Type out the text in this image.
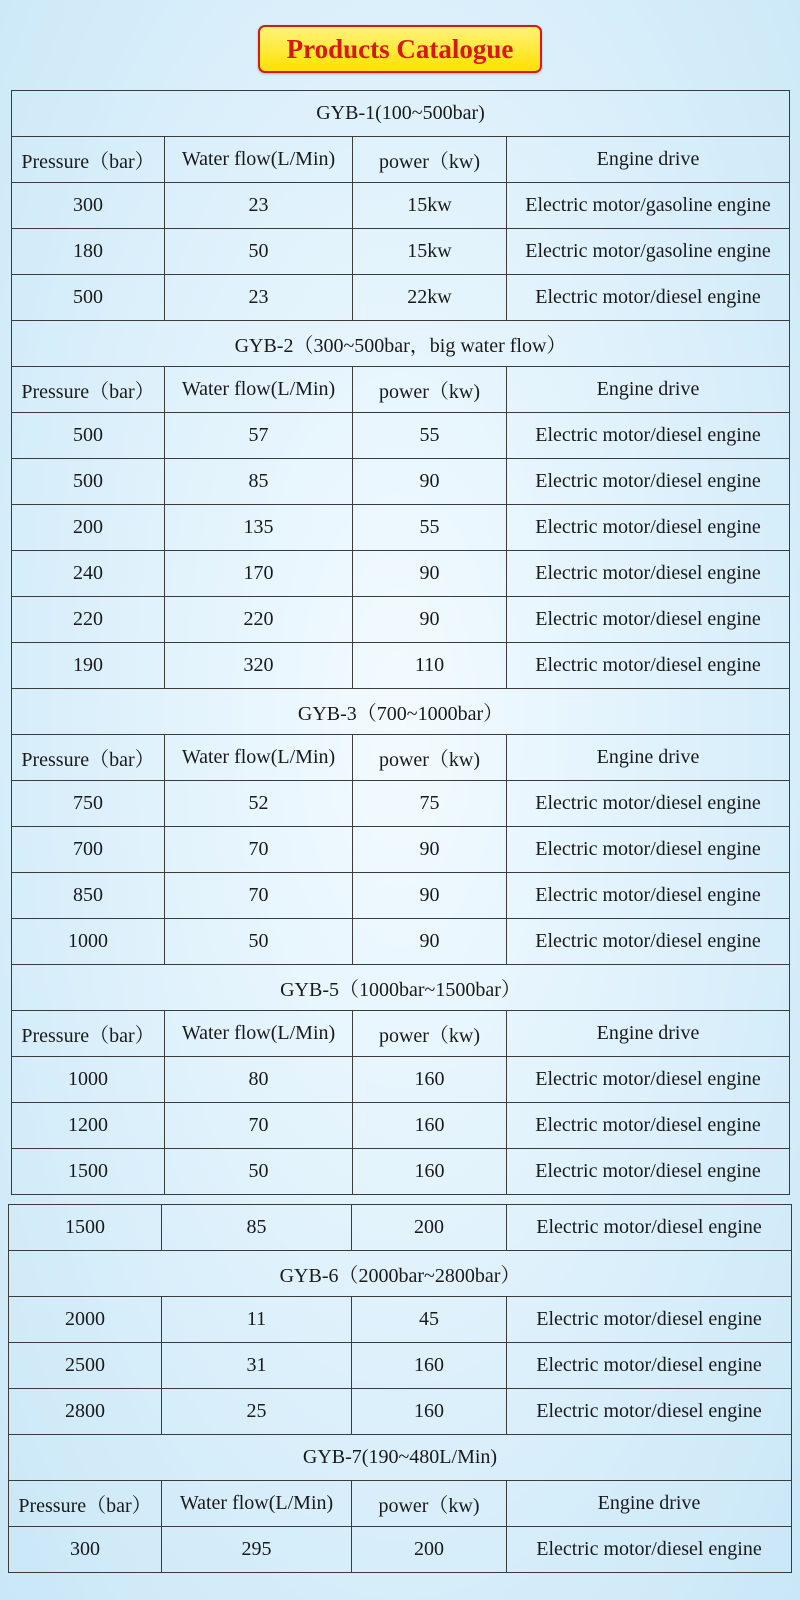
Products Catalogue
GYB-1(100~500bar)			
Pressure（bar）	Water flow(L/Min)	power（kw)	Engine drive
300	23	15kw	Electric motor/gasoline engine
180	50	15kw	Electric motor/gasoline engine
500	23	22kw	Electric motor/diesel engine
GYB-2（300~500bar，big water flow）			
Pressure（bar）	Water flow(L/Min)	power（kw)	Engine drive
500	57	55	Electric motor/diesel engine
500	85	90	Electric motor/diesel engine
200	135	55	Electric motor/diesel engine
240	170	90	Electric motor/diesel engine
220	220	90	Electric motor/diesel engine
190	320	110	Electric motor/diesel engine
GYB-3（700~1000bar）			
Pressure（bar）	Water flow(L/Min)	power（kw)	Engine drive
750	52	75	Electric motor/diesel engine
700	70	90	Electric motor/diesel engine
850	70	90	Electric motor/diesel engine
1000	50	90	Electric motor/diesel engine
GYB-5（1000bar~1500bar）			
Pressure（bar）	Water flow(L/Min)	power（kw)	Engine drive
1000	80	160	Electric motor/diesel engine
1200	70	160	Electric motor/diesel engine
1500	50	160	Electric motor/diesel engine
1500	85	200	Electric motor/diesel engine
GYB-6（2000bar~2800bar）			
2000	11	45	Electric motor/diesel engine
2500	31	160	Electric motor/diesel engine
2800	25	160	Electric motor/diesel engine
GYB-7(190~480L/Min)			
Pressure（bar）	Water flow(L/Min)	power（kw)	Engine drive
300	295	200	Electric motor/diesel engine
